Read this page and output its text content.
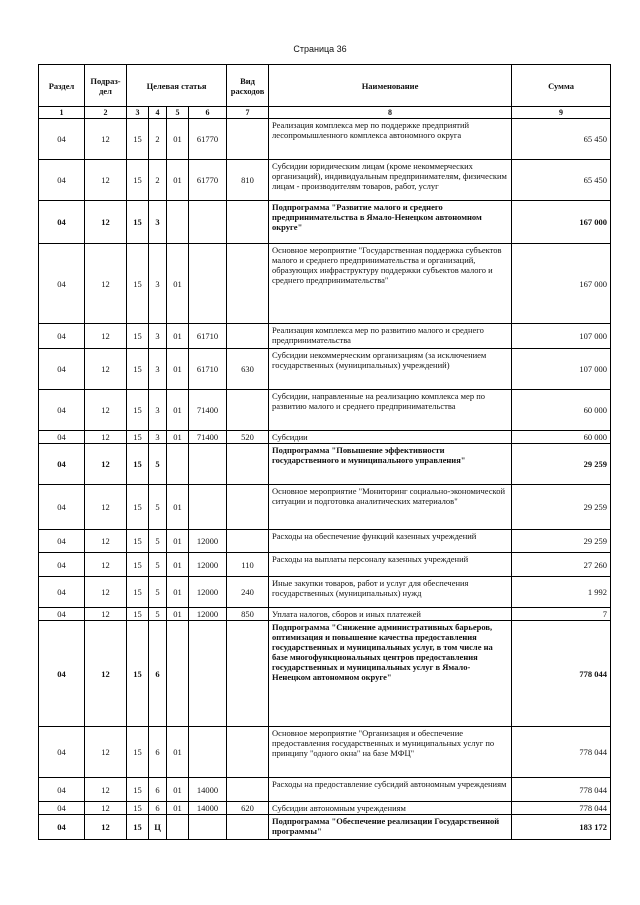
Страница 36
Раздел	Подраз-дел	Целевая статья				Вид расходов	Наименование	Сумма
1	2	3	4	5	6	7	8	9
04	12	15	2	01	61770		Реализация комплекса мер по поддержке предприятий лесопромышленного комплекса автономного округа	65 450
04	12	15	2	01	61770	810	Субсидии юридическим лицам (кроме некоммерческих организаций), индивидуальным предпринимателям, физическим лицам - производителям товаров, работ, услуг	65 450
04	12	15	3				Подпрограмма "Развитие малого и среднего предпринимательства в Ямало-Ненецком автономном округе"	167 000
04	12	15	3	01			Основное мероприятие "Государственная поддержка субъектов малого и среднего предпринимательства и организаций, образующих инфраструктуру поддержки субъектов малого и среднего предпринимательства"	167 000
04	12	15	3	01	61710		Реализация комплекса мер по развитию малого и среднего предпринимательства	107 000
04	12	15	3	01	61710	630	Субсидии некоммерческим организациям (за исключением государственных (муниципальных) учреждений)	107 000
04	12	15	3	01	71400		Субсидии, направленные на реализацию комплекса мер по развитию малого и среднего предпринимательства	60 000
04	12	15	3	01	71400	520	Субсидии	60 000
04	12	15	5				Подпрограмма "Повышение эффективности государственного и муниципального управления"	29 259
04	12	15	5	01			Основное мероприятие "Мониторинг социально-экономической ситуации и подготовка аналитических материалов"	29 259
04	12	15	5	01	12000		Расходы на обеспечение функций казенных учреждений	29 259
04	12	15	5	01	12000	110	Расходы на выплаты персоналу казенных учреждений	27 260
04	12	15	5	01	12000	240	Иные закупки товаров, работ и услуг для обеспечения государственных (муниципальных) нужд	1 992
04	12	15	5	01	12000	850	Уплата налогов, сборов и иных платежей	7
04	12	15	6				Подпрограмма "Снижение административных барьеров, оптимизация и повышение качества предоставления государственных и муниципальных услуг, в том числе на базе многофункциональных центров предоставления государственных и муниципальных услуг в Ямало-Ненецком автономном округе"	778 044
04	12	15	6	01			Основное мероприятие "Организация и обеспечение предоставления государственных и муниципальных услуг по принципу "одного окна" на базе МФЦ"	778 044
04	12	15	6	01	14000		Расходы на предоставление субсидий автономным учреждениям	778 044
04	12	15	6	01	14000	620	Субсидии автономным учреждениям	778 044
04	12	15	Ц				Подпрограмма "Обеспечение реализации Государственной программы"	183 172
